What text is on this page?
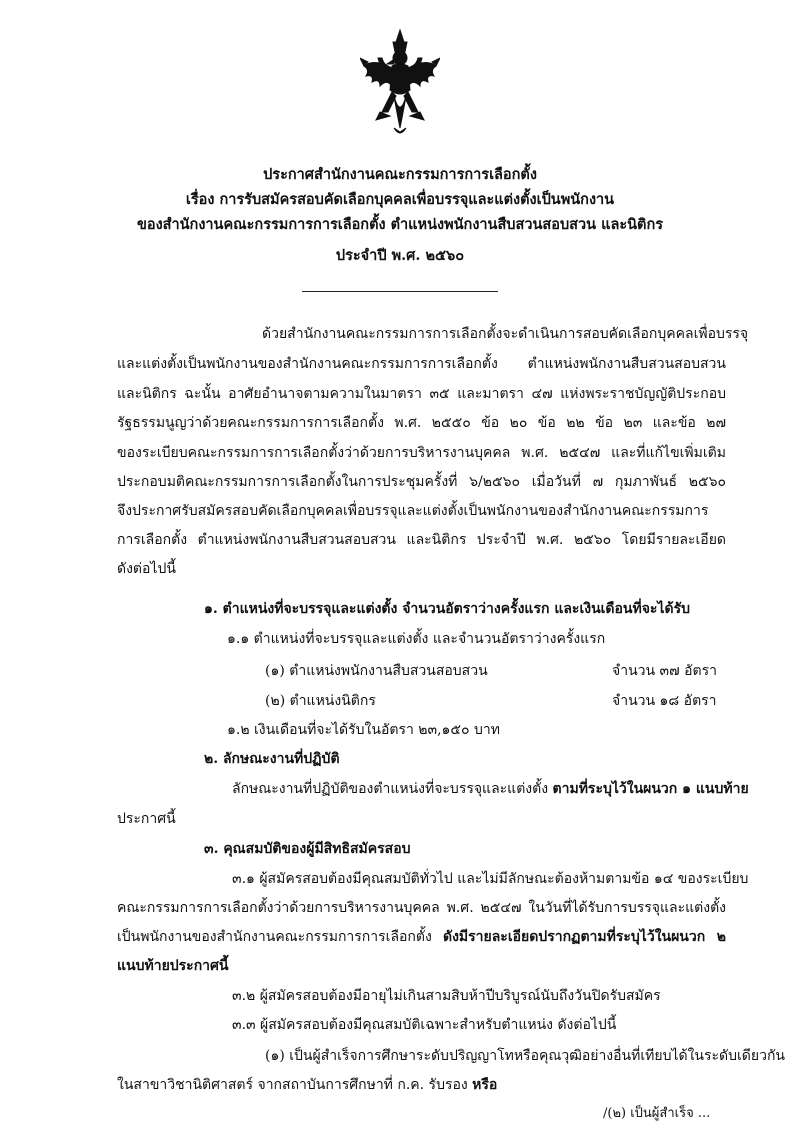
ประกาศสำนักงานคณะกรรมการการเลือกตั้ง
เรื่อง การรับสมัครสอบคัดเลือกบุคคลเพื่อบรรจุและแต่งตั้งเป็นพนักงาน
ของสำนักงานคณะกรรมการการเลือกตั้ง ตำแหน่งพนักงานสืบสวนสอบสวน และนิติกร
ประจำปี พ.ศ. ๒๕๖๐
ด้วยสำนักงานคณะกรรมการการเลือกตั้งจะดำเนินการสอบคัดเลือกบุคคลเพื่อบรรจุ
และแต่งตั้งเป็นพนักงานของสำนักงานคณะกรรมการการเลือกตั้ง ตำแหน่งพนักงานสืบสวนสอบสวน
และนิติกร ฉะนั้น อาศัยอำนาจตามความในมาตรา ๓๕ และมาตรา ๔๗ แห่งพระราชบัญญัติประกอบ
รัฐธรรมนูญว่าด้วยคณะกรรมการการเลือกตั้ง พ.ศ. ๒๕๕๐ ข้อ ๒๐ ข้อ ๒๒ ข้อ ๒๓ และข้อ ๒๗
ของระเบียบคณะกรรมการการเลือกตั้งว่าด้วยการบริหารงานบุคคล พ.ศ. ๒๕๔๗ และที่แก้ไขเพิ่มเติม
ประกอบมติคณะกรรมการการเลือกตั้งในการประชุมครั้งที่ ๖/๒๕๖๐ เมื่อวันที่ ๗ กุมภาพันธ์ ๒๕๖๐
จึงประกาศรับสมัครสอบคัดเลือกบุคคลเพื่อบรรจุและแต่งตั้งเป็นพนักงานของสำนักงานคณะกรรมการ
การเลือกตั้ง ตำแหน่งพนักงานสืบสวนสอบสวน และนิติกร ประจำปี พ.ศ. ๒๕๖๐ โดยมีรายละเอียด
ดังต่อไปนี้
๑. ตำแหน่งที่จะบรรจุและแต่งตั้ง จำนวนอัตราว่างครั้งแรก และเงินเดือนที่จะได้รับ
๑.๑ ตำแหน่งที่จะบรรจุและแต่งตั้ง และจำนวนอัตราว่างครั้งแรก
(๑) ตำแหน่งพนักงานสืบสวนสอบสวน	จำนวน ๓๗ อัตรา
(๒) ตำแหน่งนิติกร	จำนวน ๑๘ อัตรา
๑.๒ เงินเดือนที่จะได้รับในอัตรา ๒๓,๑๕๐ บาท
๒. ลักษณะงานที่ปฏิบัติ
ลักษณะงานที่ปฏิบัติของตำแหน่งที่จะบรรจุและแต่งตั้ง ตามที่ระบุไว้ในผนวก ๑ แนบท้าย
ประกาศนี้
๓. คุณสมบัติของผู้มีสิทธิสมัครสอบ
๓.๑ ผู้สมัครสอบต้องมีคุณสมบัติทั่วไป และไม่มีลักษณะต้องห้ามตามข้อ ๑๔ ของระเบียบ
คณะกรรมการการเลือกตั้งว่าด้วยการบริหารงานบุคคล พ.ศ. ๒๕๔๗ ในวันที่ได้รับการบรรจุและแต่งตั้ง
เป็นพนักงานของสำนักงานคณะกรรมการการเลือกตั้ง ดังมีรายละเอียดปรากฏตามที่ระบุไว้ในผนวก ๒
แนบท้ายประกาศนี้
๓.๒ ผู้สมัครสอบต้องมีอายุไม่เกินสามสิบห้าปีบริบูรณ์นับถึงวันปิดรับสมัคร
๓.๓ ผู้สมัครสอบต้องมีคุณสมบัติเฉพาะสำหรับตำแหน่ง ดังต่อไปนี้
(๑) เป็นผู้สำเร็จการศึกษาระดับปริญญาโทหรือคุณวุฒิอย่างอื่นที่เทียบได้ในระดับเดียวกัน
ในสาขาวิชานิติศาสตร์ จากสถาบันการศึกษาที่ ก.ค. รับรอง หรือ
/(๒) เป็นผู้สำเร็จ ...
